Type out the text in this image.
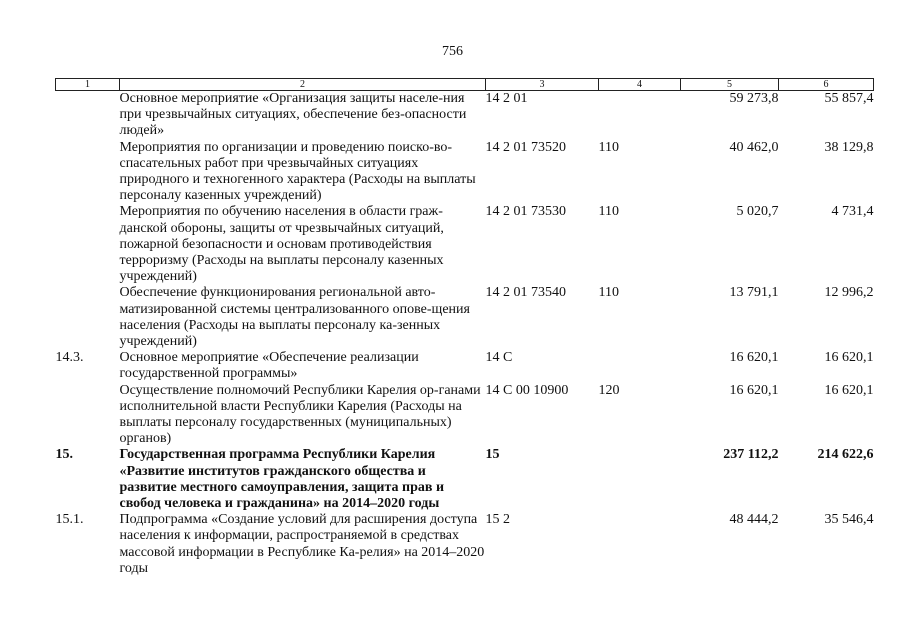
756
1	2	3	4	5	6
	Основное мероприятие «Организация защиты населе-ния при чрезвычайных ситуациях, обеспечение без-опасности людей»	14 2 01		59 273,8	55 857,4
	Мероприятия по организации и проведению поиско-во-спасательных работ при чрезвычайных ситуациях природного и техногенного характера (Расходы на выплаты персоналу казенных учреждений)	14 2 01 73520	110	40 462,0	38 129,8
	Мероприятия по обучению населения в области граж-данской обороны, защиты от чрезвычайных ситуаций, пожарной безопасности и основам противодействия терроризму (Расходы на выплаты персоналу казенных учреждений)	14 2 01 73530	110	5 020,7	4 731,4
	Обеспечение функционирования региональной авто-матизированной системы централизованного опове-щения населения (Расходы на выплаты персоналу ка-зенных учреждений)	14 2 01 73540	110	13 791,1	12 996,2
14.3.	Основное мероприятие «Обеспечение реализации государственной программы»	14 С		16 620,1	16 620,1
	Осуществление полномочий Республики Карелия ор-ганами исполнительной власти Республики Карелия (Расходы на выплаты персоналу государственных (муниципальных) органов)	14 С 00 10900	120	16 620,1	16 620,1
15.	Государственная программа Республики Карелия «Развитие институтов гражданского общества и развитие местного самоуправления, защита прав и свобод человека и гражданина» на 2014–2020 годы	15		237 112,2	214 622,6
15.1.	Подпрограмма «Создание условий для расширения доступа населения к информации, распространяемой в средствах массовой информации в Республике Ка-релия» на 2014–2020 годы	15 2		48 444,2	35 546,4
